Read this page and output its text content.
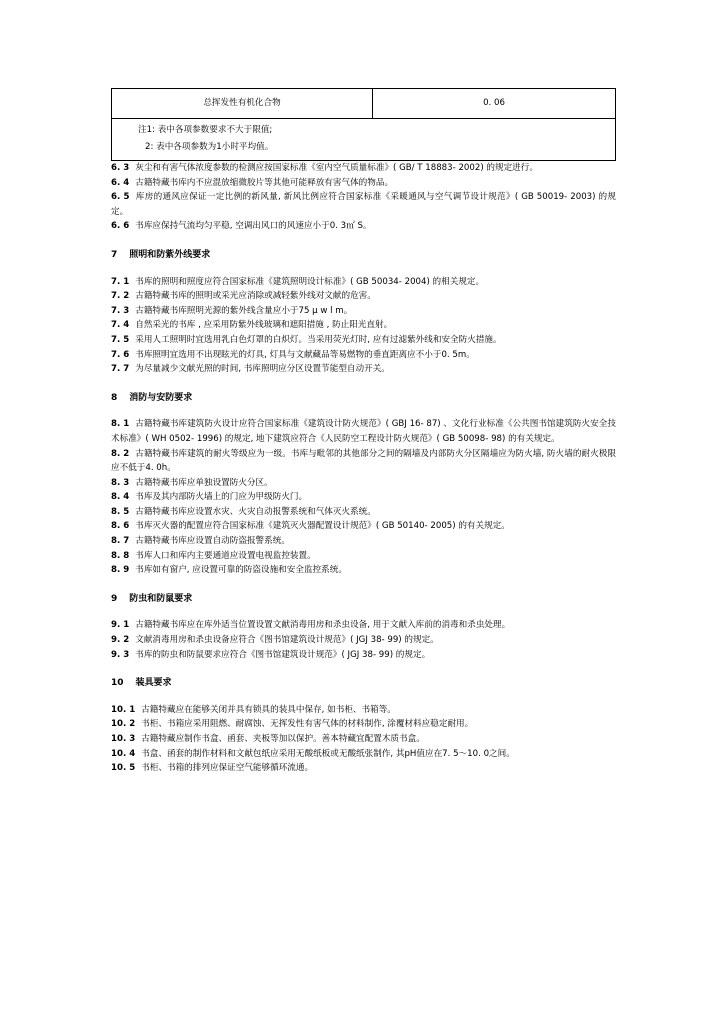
总挥发性有机化合物	0. 06
注1: 表中各项参数要求不大于限值;
2: 表中各项参数为1小时平均值。

6. 3 灰尘和有害气体浓度参数的检测应按国家标准《室内空气质量标准》( GB/ T 18883- 2002) 的规定进行。

6. 4 古籍特藏书库内不应混放缩微胶片等其他可能释放有害气体的物品。

6. 5 库房的通风应保证一定比例的新风量, 新风比例应符合国家标准《采暖通风与空气调节设计规范》( GB 50019- 2003) 的规定。

6. 6 书库应保持气流均匀平稳, 空调出风口的风速应小于0. 3㎡ S。

7 照明和防紫外线要求

7. 1 书库的照明和照度应符合国家标准《建筑照明设计标准》( GB 50034- 2004) 的相关规定。

7. 2 古籍特藏书库的照明或采光应消除或减轻紫外线对文献的危害。

7. 3 古籍特藏书库照明光源的紫外线含量应小于75 μ w l m。

7. 4 自然采光的书库 , 应采用防紫外线玻璃和遮阳措施 , 防止阳光直射。

7. 5 采用人工照明时宜选用乳白色灯罩的白炽灯。当采用荧光灯时, 应有过滤紫外线和安全防火措施。

7. 6 书库照明宜选用不出现眩光的灯具, 灯具与文献藏品等易燃物的垂直距离应不小于0. 5m。

7. 7 为尽量减少文献光照的时间, 书库照明应分区设置节能型自动开关。

8 消防与安防要求

8. 1 古籍特藏书库建筑防火设计应符合国家标准《建筑设计防火规范》( GBJ 16- 87) 、文化行业标准《公共图书馆建筑防火安全技术标准》( WH 0502- 1996) 的规定, 地下建筑应符合《人民防空工程设计防火规范》( GB 50098- 98) 的有关规定。

8. 2 古籍特藏书库建筑的耐火等级应为一级。书库与毗邻的其他部分之间的隔墙及内部防火分区隔墙应为防火墙, 防火墙的耐火极限应不低于4. 0h。

8. 3 古籍特藏书库应单独设置防火分区。

8. 4 书库及其内部防火墙上的门应为甲级防火门。

8. 5 古籍特藏书库应设置水灾、火灾自动报警系统和气体灭火系统。

8. 6 书库灭火器的配置应符合国家标准《建筑灭火器配置设计规范》( GB 50140- 2005) 的有关规定。

8. 7 古籍特藏书库应设置自动防盗报警系统。

8. 8 书库人口和库内主要通道应设置电视监控装置。

8. 9 书库如有窗户, 应设置可靠的防盗设施和安全监控系统。

9 防虫和防鼠要求

9. 1 古籍特藏书库应在库外适当位置设置文献消毒用房和杀虫设备, 用于文献入库前的消毒和杀虫处理。

9. 2 文献消毒用房和杀虫设备应符合《图书馆建筑设计规范》( JGJ 38- 99) 的规定。

9. 3 书库的防虫和防鼠要求应符合《图书馆建筑设计规范》( JGJ 38- 99) 的规定。

10 装具要求

10. 1 古籍特藏应在能够关闭并具有锁具的装具中保存, 如书柜、书箱等。

10. 2 书柜、书箱应采用阻燃、耐腐蚀、无挥发性有害气体的材料制作, 涂覆材料应稳定耐用。

10. 3 古籍特藏应制作书盒、函套、夹板等加以保护。善本特藏宜配置木质书盒。

10. 4 书盒、函套的制作材料和文献包纸应采用无酸纸板或无酸纸张制作, 其pH值应在7. 5～10. 0之间。

10. 5 书柜、书箱的排列应保证空气能够循环流通。
